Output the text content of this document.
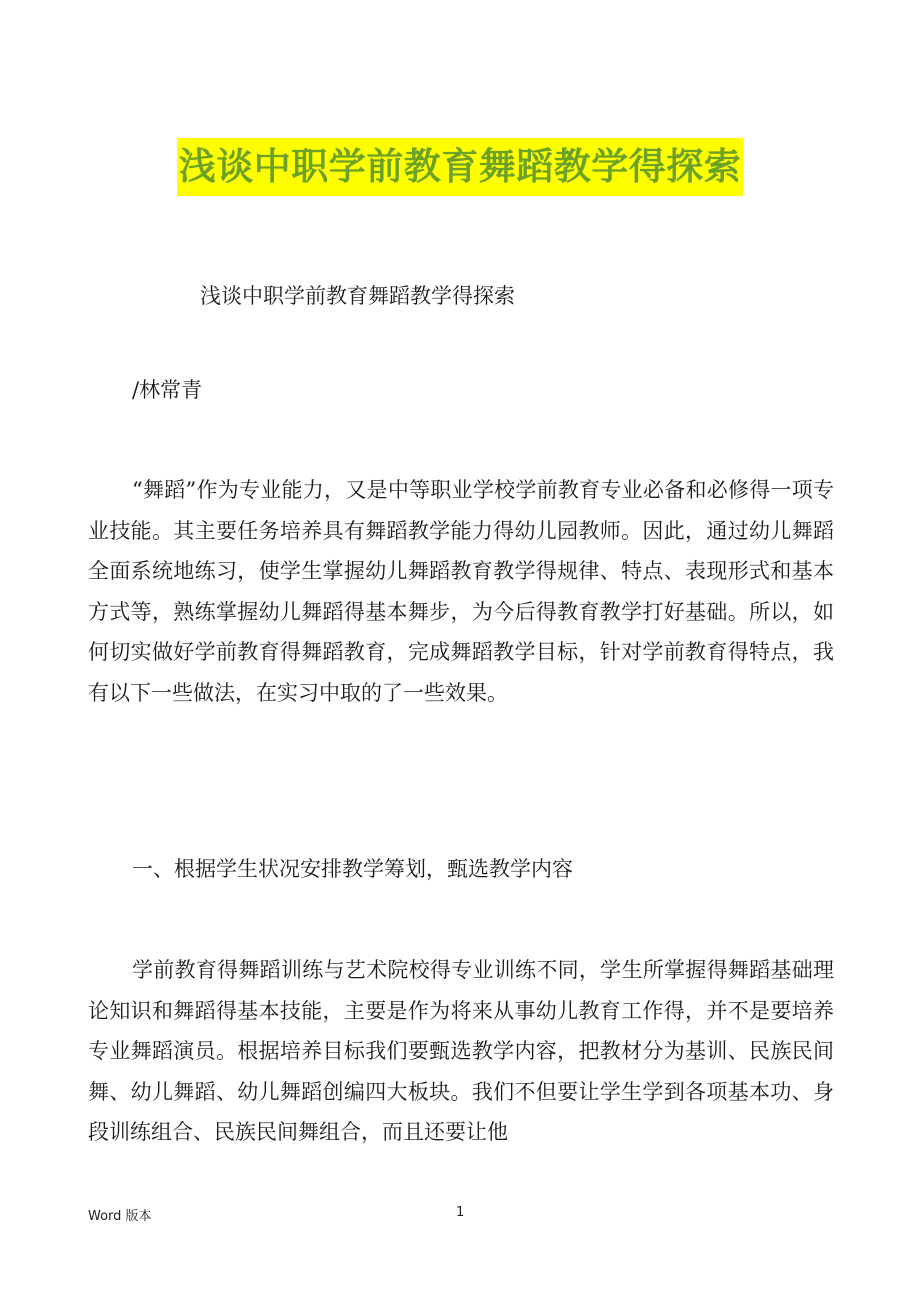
浅谈中职学前教育舞蹈教学得探索
浅谈中职学前教育舞蹈教学得探索
/林常青

“舞蹈”作为专业能力，又是中等职业学校学前教育专业必备和必修得一项专业技能。其主要任务培养具有舞蹈教学能力得幼儿园教师。因此，通过幼儿舞蹈全面系统地练习，使学生掌握幼儿舞蹈教育教学得规律、特点、表现形式和基本方式等，熟练掌握幼儿舞蹈得基本舞步，为今后得教育教学打好基础。所以，如何切实做好学前教育得舞蹈教育，完成舞蹈教学目标，针对学前教育得特点，我有以下一些做法，在实习中取的了一些效果。

一、根据学生状况安排教学筹划，甄选教学内容

学前教育得舞蹈训练与艺术院校得专业训练不同，学生所掌握得舞蹈基础理论知识和舞蹈得基本技能，主要是作为将来从事幼儿教育工作得，并不是要培养专业舞蹈演员。根据培养目标我们要甄选教学内容，把教材分为基训、民族民间舞、幼儿舞蹈、幼儿舞蹈创编四大板块。我们不但要让学生学到各项基本功、身段训练组合、民族民间舞组合，而且还要让他

Word 版本	1
